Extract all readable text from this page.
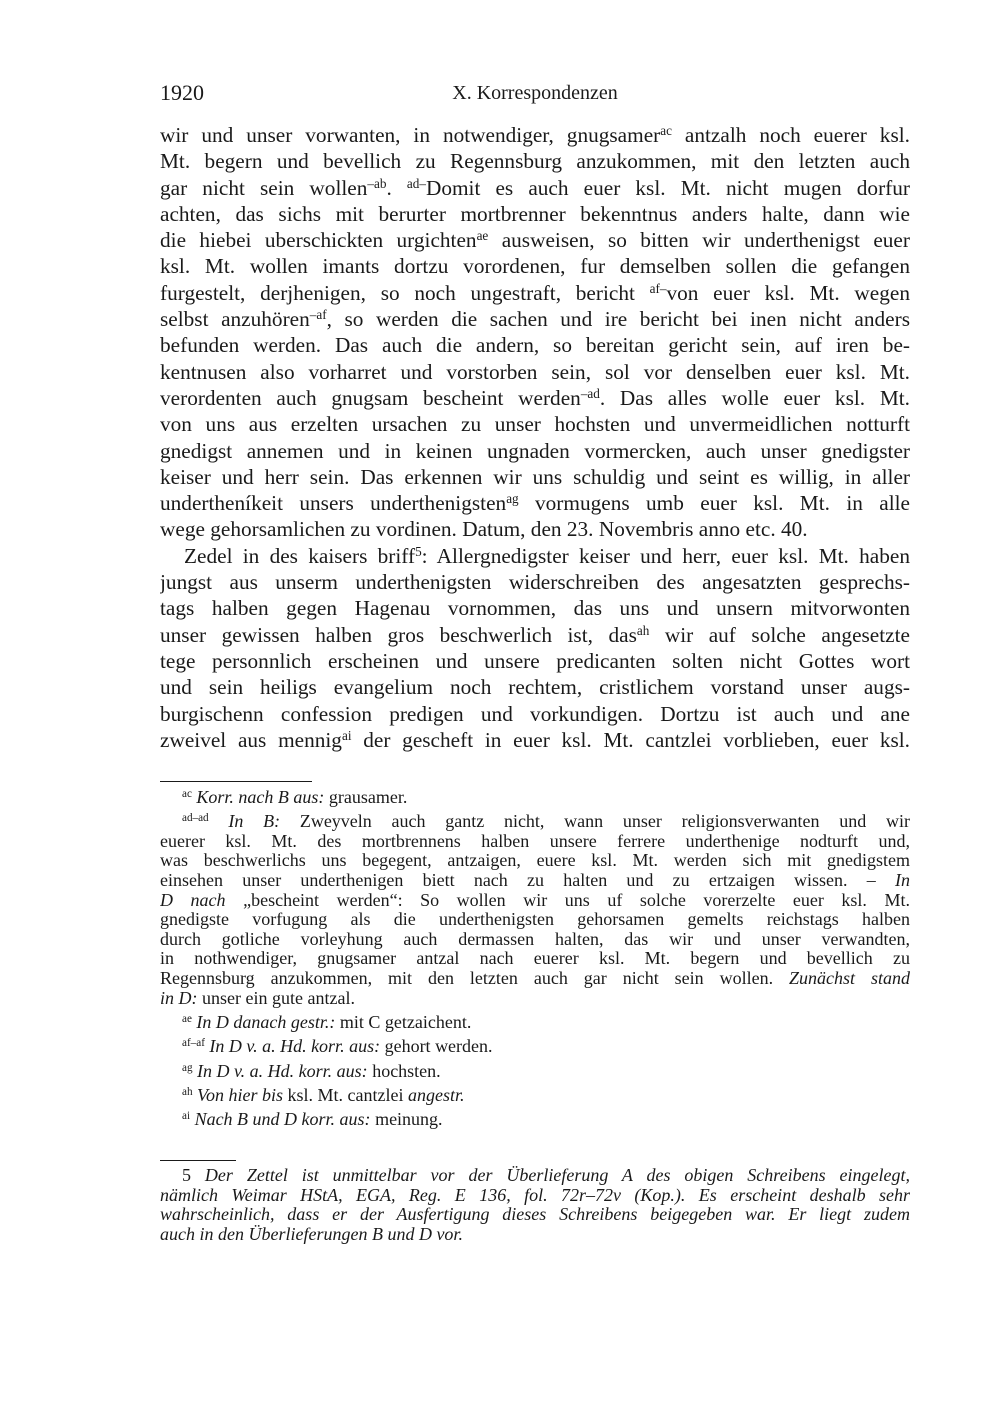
1920	X. Korrespondenzen
wir und unser vorwanten, in notwendiger, gnugsamer$^{ac}$ antzalh noch euerer ksl.
Mt. begern und bevellich zu Regennsburg anzukommen, mit den letzten auch
gar nicht sein wollen$^{-ab}$. $^{ad-}$Domit es auch euer ksl. Mt. nicht mugen dorfur
achten, das sichs mit berurter mortbrenner bekenntnus anders halte, dann wie
die hiebei uberschickten urgichten$^{ae}$ ausweisen, so bitten wir underthenigst euer
ksl. Mt. wollen imants dortzu vorordenen, fur demselben sollen die gefangen
furgestelt, derjhenigen, so noch ungestraft, bericht $^{af-}$von euer ksl. Mt. wegen
selbst anzuhören$^{-af}$, so werden die sachen und ire bericht bei inen nicht anders
befunden werden. Das auch die andern, so bereitan gericht sein, auf iren be-
kentnusen also vorharret und vorstorben sein, sol vor denselben euer ksl. Mt.
verordenten auch gnugsam bescheint werden$^{-ad}$. Das alles wolle euer ksl. Mt.
von uns aus erzelten ursachen zu unser hochsten und unvermeidlichen notturft
gnedigst annemen und in keinen ungnaden vormercken, auch unser gnedigster
keiser und herr sein. Das erkennen wir uns schuldig und seint es willig, in aller
undertheníkeit unsers underthenigsten$^{ag}$ vormugens umb euer ksl. Mt. in alle
wege gehorsamlichen zu vordinen. Datum, den 23. Novembris anno etc. 40.
Zedel in des kaisers briff$^5$: Allergnedigster keiser und herr, euer ksl. Mt. haben
jungst aus unserm underthenigsten widerschreiben des angesatzten gesprechs-
tags halben gegen Hagenau vornommen, das uns und unsern mitvorwonten
unser gewissen halben gros beschwerlich ist, das$^{ah}$ wir auf solche angesetzte
tege personnlich erscheinen und unsere predicanten solten nicht Gottes wort
und sein heiligs evangelium noch rechtem, cristlichem vorstand unser augs-
burgischenn confession predigen und vorkundigen. Dortzu ist auch und ane
zweivel aus mennig$^{ai}$ der gescheft in euer ksl. Mt. cantzlei vorblieben, euer ksl.
$^{ac}$ Korr. nach B aus: grausamer.
$^{ad-ad}$ In B: Zweyveln auch gantz nicht, wann unser religionsverwanten und wir
euerer ksl. Mt. des mortbrennens halben unsere ferrere underthenige nodturft und,
was beschwerlichs uns begegent, antzaigen, euere ksl. Mt. werden sich mit gnedigstem
einsehen unser underthenigen biett nach zu halten und zu ertzaigen wissen. – In
D nach „bescheint werden“: So wollen wir uns uf solche vorerzelte euer ksl. Mt.
gnedigste vorfugung als die underthenigsten gehorsamen gemelts reichstags halben
durch gotliche vorleyhung auch dermassen halten, das wir und unser verwandten,
in nothwendiger, gnugsamer antzal nach euerer ksl. Mt. begern und bevellich zu
Regennsburg anzukommen, mit den letzten auch gar nicht sein wollen. Zunächst stand
in D: unser ein gute antzal.
$^{ae}$ In D danach gestr.: mit C getzaichent.
$^{af-af}$ In D v. a. Hd. korr. aus: gehort werden.
$^{ag}$ In D v. a. Hd. korr. aus: hochsten.
$^{ah}$ Von hier bis ksl. Mt. cantzlei angestr.
$^{ai}$ Nach B und D korr. aus: meinung.
5 Der Zettel ist unmittelbar vor der Überlieferung A des obigen Schreibens eingelegt,
nämlich Weimar HStA, EGA, Reg. E 136, fol. 72r–72v (Kop.). Es erscheint deshalb sehr
wahrscheinlich, dass er der Ausfertigung dieses Schreibens beigegeben war. Er liegt zudem
auch in den Überlieferungen B und D vor.
